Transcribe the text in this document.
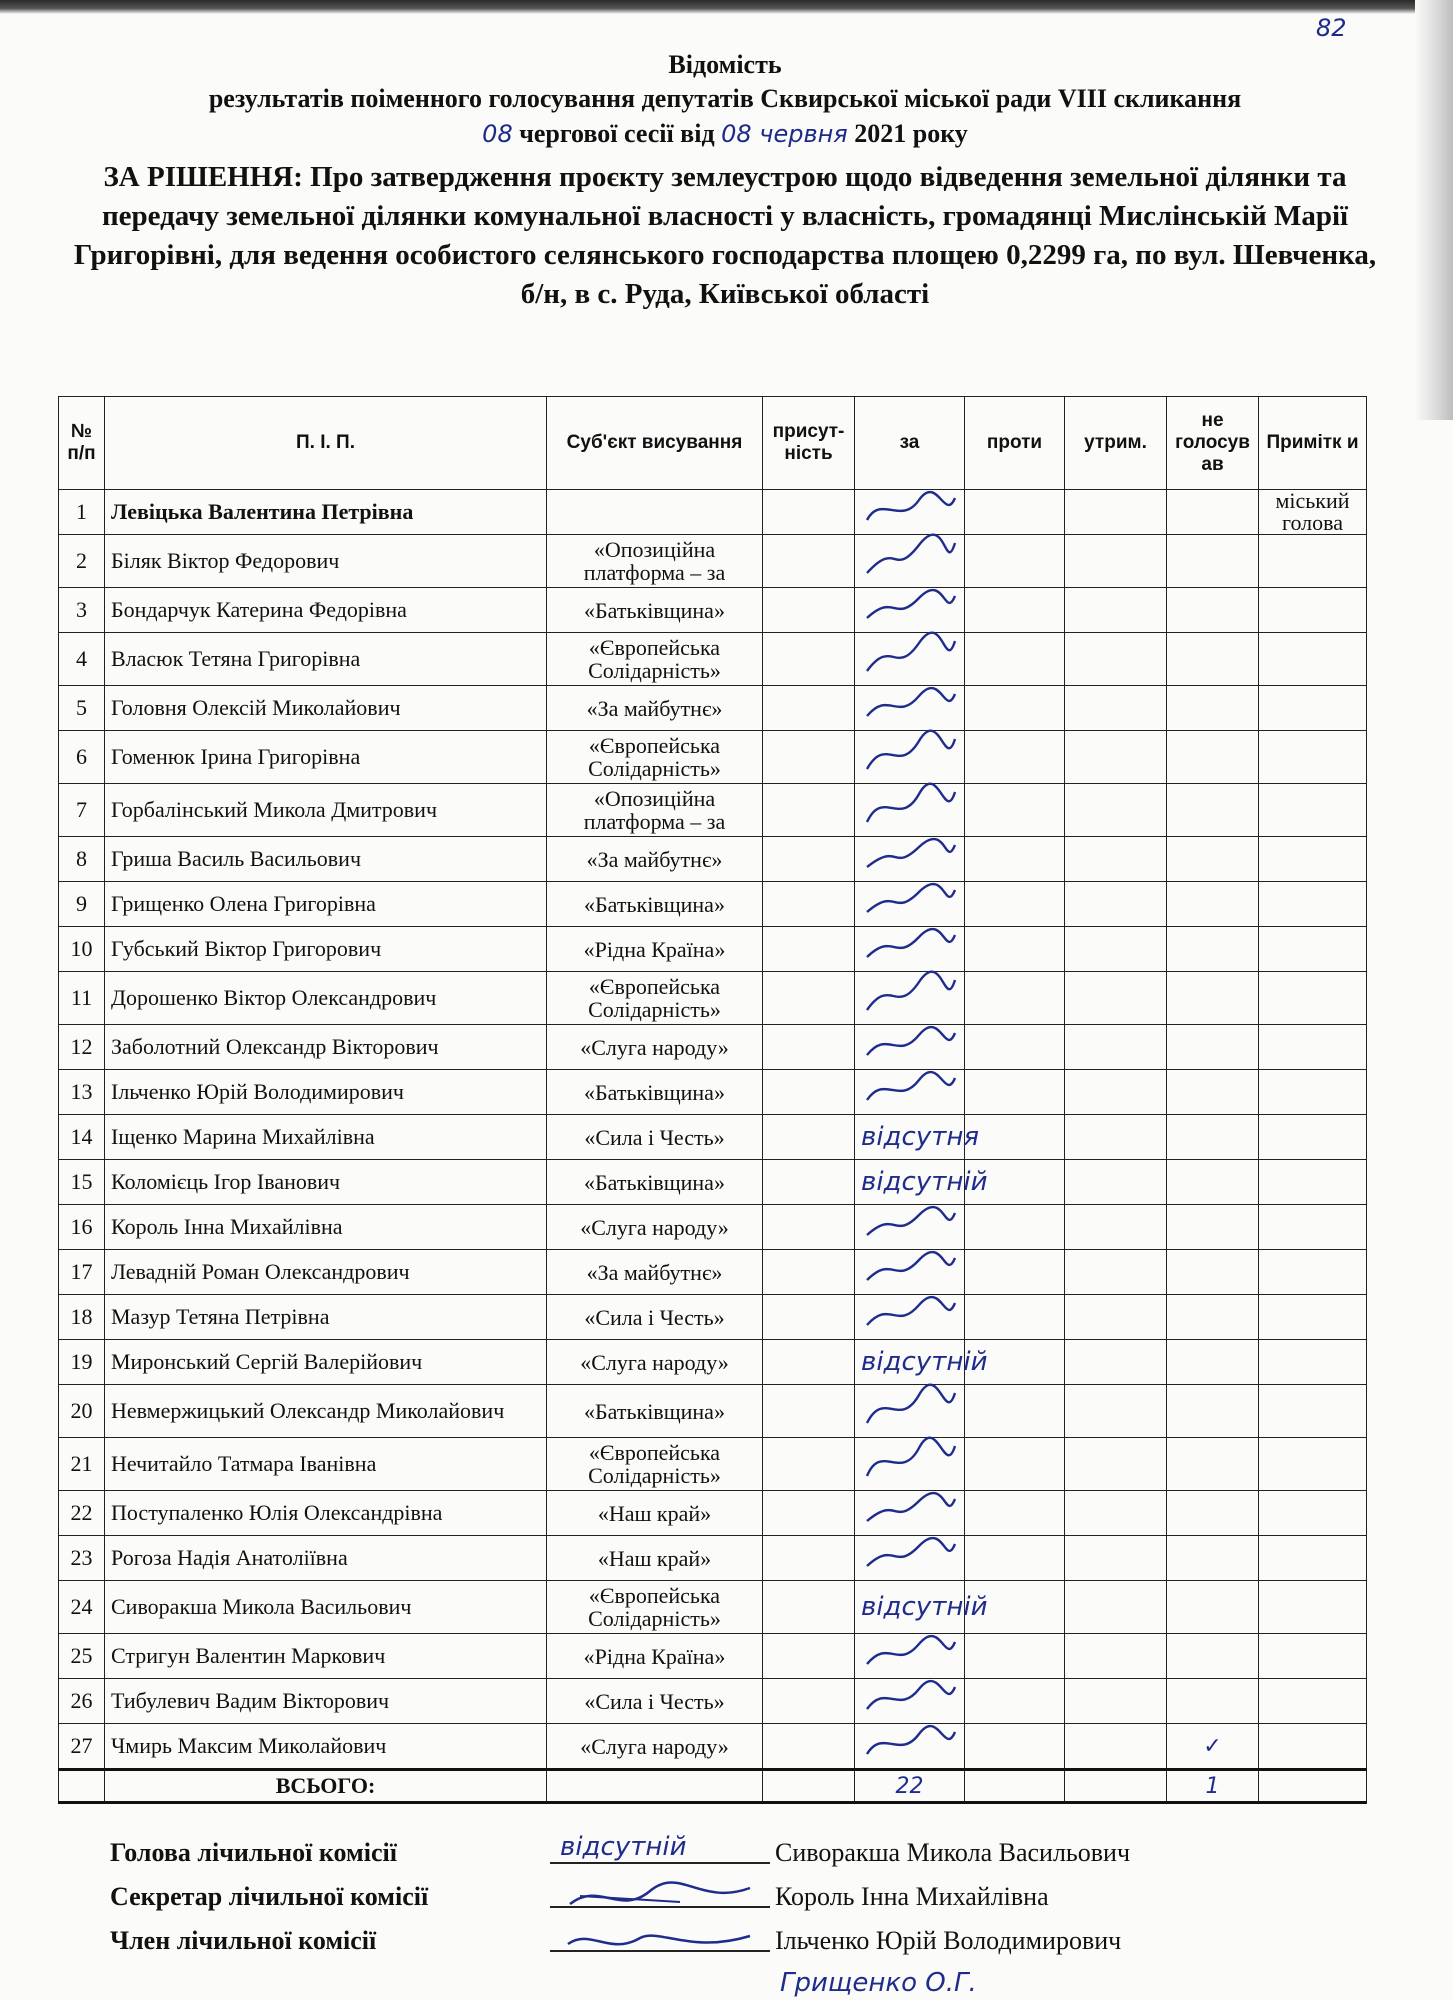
82
Відомість
результатів поіменного голосування депутатів Сквирської міської ради VIII скликання
08 чергової сесії від 08 червня 2021 року
ЗА РІШЕННЯ: Про затвердження проєкту землеустрою щодо відведення земельної ділянки та передачу земельної ділянки комунальної власності у власність, громадянці Мислінській Марії Григорівні, для ведення особистого селянського господарства площею 0,2299 га, по вул. Шевченка, б/н, в с. Руда, Київської області
№ п/п	П. І. П.	Суб'єкт висування	присут-ність	за	проти	утрим.	не голосув ав	Примітк и
1	Левіцька Валентина Петрівна							міський голова
2	Біляк Віктор Федорович	«Опозиційна платформа – за						
3	Бондарчук Катерина Федорівна	«Батьківщина»						
4	Власюк Тетяна Григорівна	«Європейська Солідарність»						
5	Головня Олексій Миколайович	«За майбутнє»						
6	Гоменюк Ірина Григорівна	«Європейська Солідарність»						
7	Горбалінський Микола Дмитрович	«Опозиційна платформа – за						
8	Гриша Василь Васильович	«За майбутнє»						
9	Грищенко Олена Григорівна	«Батьківщина»						
10	Губський Віктор Григорович	«Рідна Країна»						
11	Дорошенко Віктор Олександрович	«Європейська Солідарність»						
12	Заболотний Олександр Вікторович	«Слуга народу»						
13	Ільченко Юрій Володимирович	«Батьківщина»						
14	Іщенко Марина Михайлівна	«Сила і Честь»		відсутня				
15	Коломієць Ігор Іванович	«Батьківщина»		відсутній				
16	Король Інна Михайлівна	«Слуга народу»						
17	Левадній Роман Олександрович	«За майбутнє»						
18	Мазур Тетяна Петрівна	«Сила і Честь»						
19	Миронський Сергій Валерійович	«Слуга народу»		відсутній				
20	Невмержицький Олександр Миколайович	«Батьківщина»						
21	Нечитайло Татмара Іванівна	«Європейська Солідарність»						
22	Поступаленко Юлія Олександрівна	«Наш край»						
23	Рогоза Надія Анатоліївна	«Наш край»						
24	Сиворакша Микола Васильович	«Європейська Солідарність»		відсутній				
25	Стригун Валентин Маркович	«Рідна Країна»						
26	Тибулевич Вадим Вікторович	«Сила і Честь»						
27	Чмирь Максим Миколайович	«Слуга народу»					✓	
	ВСЬОГО:			22			1	
Голова лічильної комісії	відсутній	Сиворакша Микола Васильович
Секретар лічильної комісії	Король Інна Михайлівна
Член лічильної комісії	Ільченко Юрій Володимирович
Грищенко О.Г.
